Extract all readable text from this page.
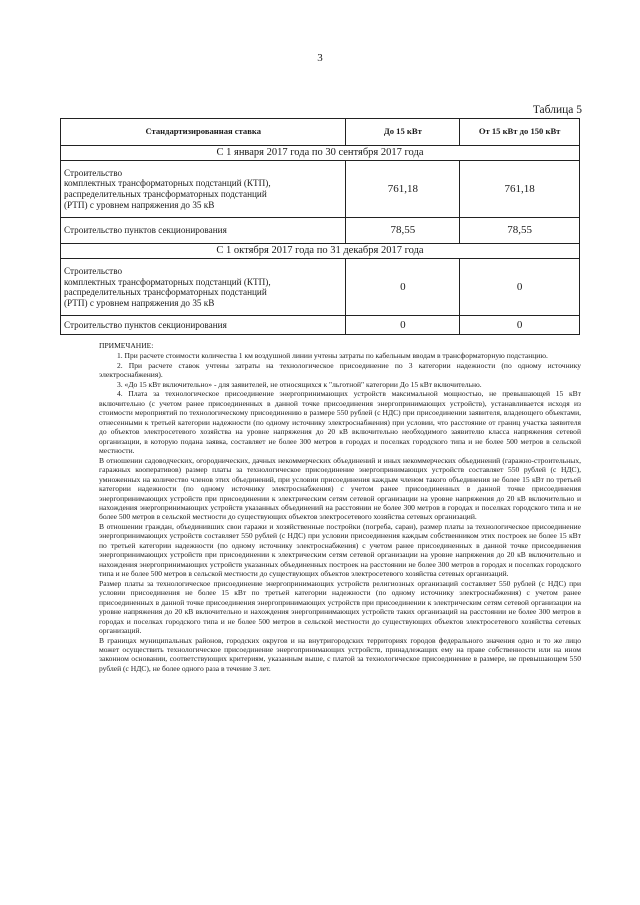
3
Таблица 5
Стандартизированная ставка	До 15 кВт	От 15 кВт до 150 кВт
С 1 января 2017 года по 30 сентября 2017 года		
Строительство
комплектных трансформаторных подстанций (КТП),
распределительных трансформаторных подстанций
(РТП) с уровнем напряжения до 35 кВ	761,18	761,18
Строительство пунктов секционирования	78,55	78,55
С 1 октября 2017 года по 31 декабря 2017 года		
Строительство
комплектных трансформаторных подстанций (КТП),
распределительных трансформаторных подстанций
(РТП) с уровнем напряжения до 35 кВ	0	0
Строительство пунктов секционирования	0	0

ПРИМЕЧАНИЕ:

1. При расчете стоимости количества 1 км воздушной линии учтены затраты по кабельным вводам в трансформаторную подстанцию.

2. При расчете ставок учтены затраты на технологическое присоединение по 3 категории надежности (по одному источнику электроснабжения).

3. «До 15 кВт включительно» - для заявителей, не относящихся к "льготной" категории До 15 кВт включительно.

4. Плата за технологическое присоединение энергопринимающих устройств максимальной мощностью, не превышающей 15 кВт включительно (с учетом ранее присоединенных в данной точке присоединения энергопринимающих устройств), устанавливается исходя из стоимости мероприятий по технологическому присоединению в размере 550 рублей (с НДС) при присоединении заявителя, владеющего объектами, отнесенными к третьей категории надежности (по одному источнику электроснабжения) при условии, что расстояние от границ участка заявителя до объектов электросетевого хозяйства на уровне напряжения до 20 кВ включительно необходимого заявителю класса напряжения сетевой организации, в которую подана заявка, составляет не более 300 метров в городах и поселках городского типа и не более 500 метров в сельской местности.

В отношении садоводческих, огороднических, дачных некоммерческих объединений и иных некоммерческих объединений (гаражно-строительных, гаражных кооперативов) размер платы за технологическое присоединение энергопринимающих устройств составляет 550 рублей (с НДС), умноженных на количество членов этих объединений, при условии присоединения каждым членом такого объединения не более 15 кВт по третьей категории надежности (по одному источнику электроснабжения) с учетом ранее присоединенных в данной точке присоединения энергопринимающих устройств при присоединении к электрическим сетям сетевой организации на уровне напряжения до 20 кВ включительно и нахождения энергопринимающих устройств указанных объединений на расстоянии не более 300 метров в городах и поселках городского типа и не более 500 метров в сельской местности до существующих объектов электросетевого хозяйства сетевых организаций.

В отношении граждан, объединивших свои гаражи и хозяйственные постройки (погреба, сараи), размер платы за технологическое присоединение энергопринимающих устройств составляет 550 рублей (с НДС) при условии присоединения каждым собственником этих построек не более 15 кВт по третьей категории надежности (по одному источнику электроснабжения) с учетом ранее присоединенных в данной точке присоединения энергопринимающих устройств при присоединении к электрическим сетям сетевой организации на уровне напряжения до 20 кВ включительно и нахождения энергопринимающих устройств указанных объединенных построек на расстоянии не более 300 метров в городах и поселках городского типа и не более 500 метров в сельской местности до существующих объектов электросетевого хозяйства сетевых организаций.

Размер платы за технологическое присоединение энергопринимающих устройств религиозных организаций составляет 550 рублей (с НДС) при условии присоединения не более 15 кВт по третьей категории надежности (по одному источнику электроснабжения) с учетом ранее присоединенных в данной точке присоединения энергопринимающих устройств при присоединении к электрическим сетям сетевой организации на уровне напряжения до 20 кВ включительно и нахождения энергопринимающих устройств таких организаций на расстоянии не более 300 метров в городах и поселках городского типа и не более 500 метров в сельской местности до существующих объектов электросетевого хозяйства сетевых организаций.

В границах муниципальных районов, городских округов и на внутригородских территориях городов федерального значения одно и то же лицо может осуществить технологическое присоединение энергопринимающих устройств, принадлежащих ему на праве собственности или на ином законном основании, соответствующих критериям, указанным выше, с платой за технологическое присоединение в размере, не превышающем 550 рублей (с НДС), не более одного раза в течение 3 лет.
